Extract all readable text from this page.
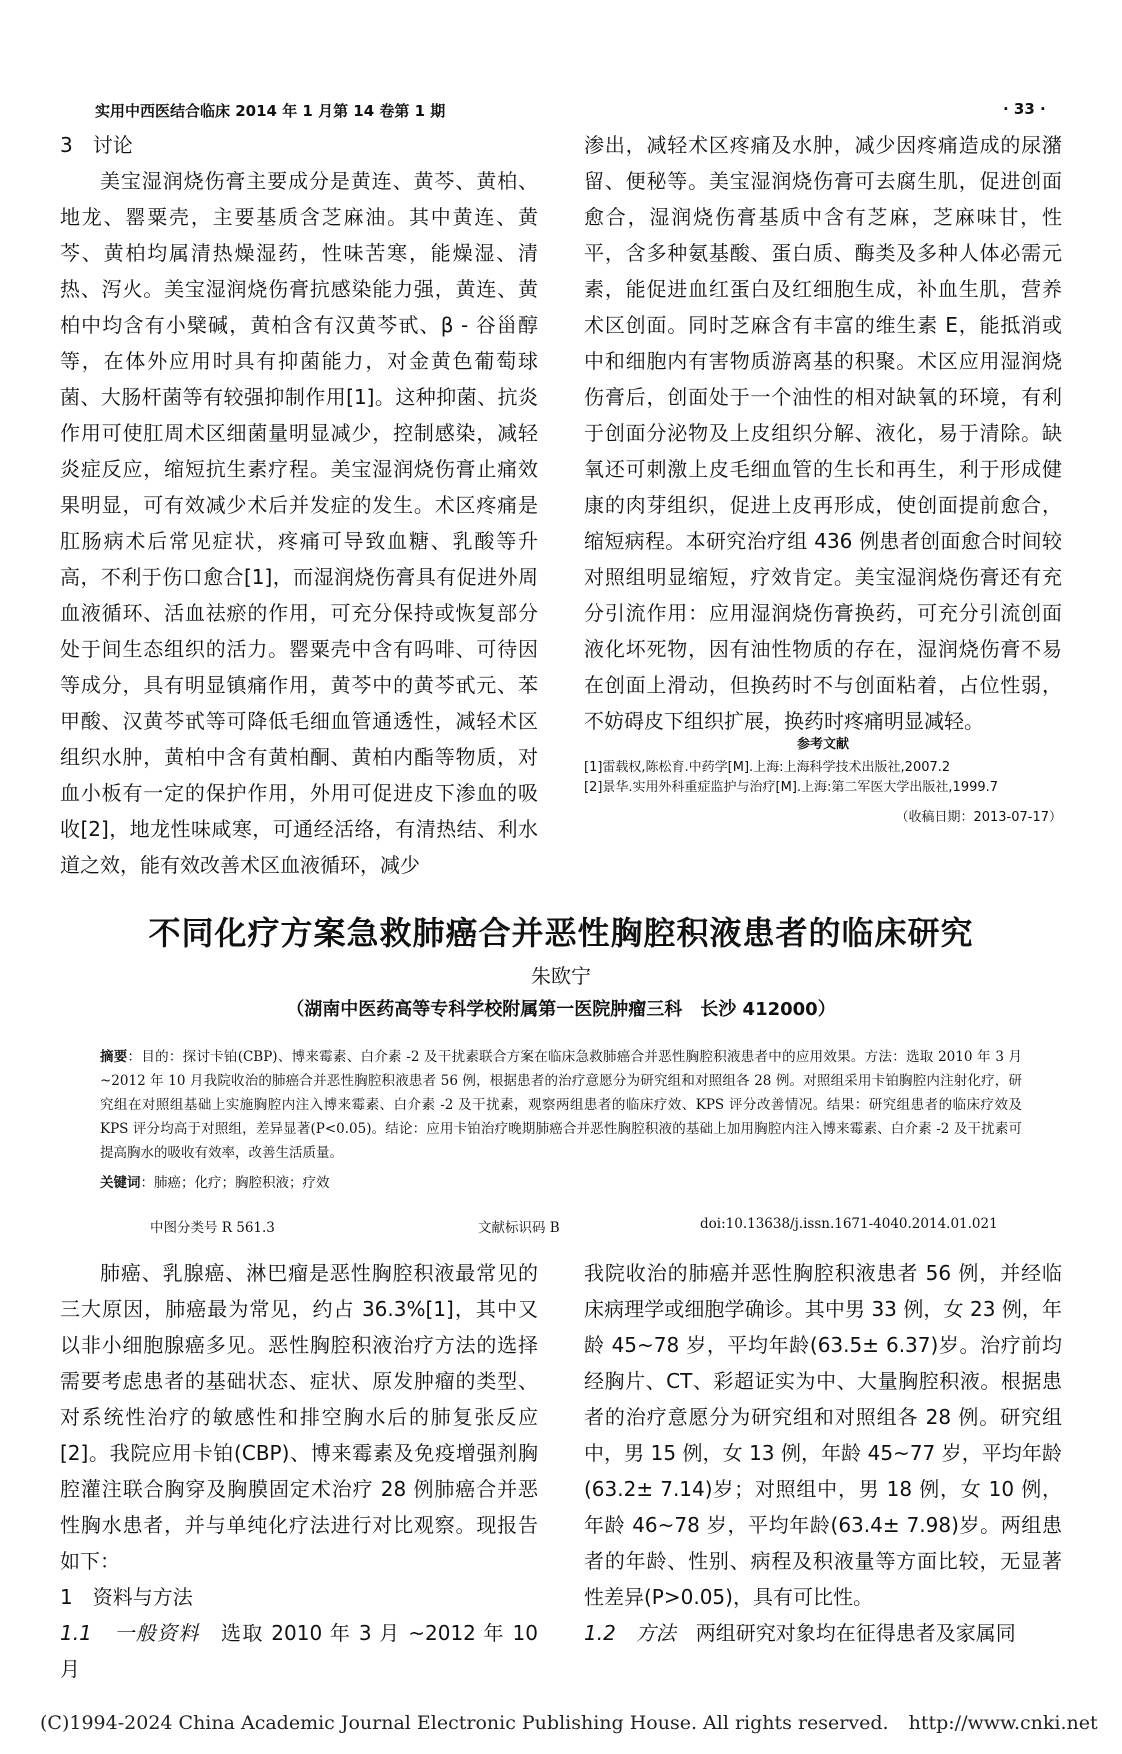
实用中西医结合临床 2014 年 1 月第 14 卷第 1 期	· 33 ·

3　讨论

美宝湿润烧伤膏主要成分是黄连、黄芩、黄柏、地龙、罂粟壳，主要基质含芝麻油。其中黄连、黄芩、黄柏均属清热燥湿药，性味苦寒，能燥湿、清热、泻火。美宝湿润烧伤膏抗感染能力强，黄连、黄柏中均含有小檗碱，黄柏含有汉黄芩甙、β - 谷甾醇等，在体外应用时具有抑菌能力，对金黄色葡萄球菌、大肠杆菌等有较强抑制作用[1]。这种抑菌、抗炎作用可使肛周术区细菌量明显减少，控制感染，减轻炎症反应，缩短抗生素疗程。美宝湿润烧伤膏止痛效果明显，可有效减少术后并发症的发生。术区疼痛是肛肠病术后常见症状，疼痛可导致血糖、乳酸等升高，不利于伤口愈合[1]，而湿润烧伤膏具有促进外周血液循环、活血祛瘀的作用，可充分保持或恢复部分处于间生态组织的活力。罂粟壳中含有吗啡、可待因等成分，具有明显镇痛作用，黄芩中的黄芩甙元、苯甲酸、汉黄芩甙等可降低毛细血管通透性，减轻术区组织水肿，黄柏中含有黄柏酮、黄柏内酯等物质，对血小板有一定的保护作用，外用可促进皮下渗血的吸收[2]，地龙性味咸寒，可通经活络，有清热结、利水道之效，能有效改善术区血液循环，减少

渗出，减轻术区疼痛及水肿，减少因疼痛造成的尿潴留、便秘等。美宝湿润烧伤膏可去腐生肌，促进创面愈合，湿润烧伤膏基质中含有芝麻，芝麻味甘，性平，含多种氨基酸、蛋白质、酶类及多种人体必需元素，能促进血红蛋白及红细胞生成，补血生肌，营养术区创面。同时芝麻含有丰富的维生素 E，能抵消或中和细胞内有害物质游离基的积聚。术区应用湿润烧伤膏后，创面处于一个油性的相对缺氧的环境，有利于创面分泌物及上皮组织分解、液化，易于清除。缺氧还可刺激上皮毛细血管的生长和再生，利于形成健康的肉芽组织，促进上皮再形成，使创面提前愈合，缩短病程。本研究治疗组 436 例患者创面愈合时间较对照组明显缩短，疗效肯定。美宝湿润烧伤膏还有充分引流作用：应用湿润烧伤膏换药，可充分引流创面液化坏死物，因有油性物质的存在，湿润烧伤膏不易在创面上滑动，但换药时不与创面粘着，占位性弱，不妨碍皮下组织扩展，换药时疼痛明显减轻。

参考文献

[1]雷载权,陈松育.中药学[M].上海:上海科学技术出版社,2007.2

[2]景华.实用外科重症监护与治疗[M].上海:第二军医大学出版社,1999.7

（收稿日期：2013-07-17）
不同化疗方案急救肺癌合并恶性胸腔积液患者的临床研究
朱欧宁
（湖南中医药高等专科学校附属第一医院肿瘤三科　长沙 412000）

摘要：目的：探讨卡铂(CBP)、博来霉素、白介素 -2 及干扰素联合方案在临床急救肺癌合并恶性胸腔积液患者中的应用效果。方法：选取 2010 年 3 月 ~2012 年 10 月我院收治的肺癌合并恶性胸腔积液患者 56 例，根据患者的治疗意愿分为研究组和对照组各 28 例。对照组采用卡铂胸腔内注射化疗，研究组在对照组基础上实施胸腔内注入博来霉素、白介素 -2 及干扰素，观察两组患者的临床疗效、KPS 评分改善情况。结果：研究组患者的临床疗效及 KPS 评分均高于对照组，差异显著(P<0.05)。结论：应用卡铂治疗晚期肺癌合并恶性胸腔积液的基础上加用胸腔内注入博来霉素、白介素 -2 及干扰素可提高胸水的吸收有效率，改善生活质量。

关键词：肺癌；化疗；胸腔积液；疗效

中图分类号 R 561.3	文献标识码 B	doi:10.13638/j.issn.1671-4040.2014.01.021

肺癌、乳腺癌、淋巴瘤是恶性胸腔积液最常见的三大原因，肺癌最为常见，约占 36.3%[1]，其中又以非小细胞腺癌多见。恶性胸腔积液治疗方法的选择需要考虑患者的基础状态、症状、原发肿瘤的类型、对系统性治疗的敏感性和排空胸水后的肺复张反应[2]。我院应用卡铂(CBP)、博来霉素及免疫增强剂胸腔灌注联合胸穿及胸膜固定术治疗 28 例肺癌合并恶性胸水患者，并与单纯化疗法进行对比观察。现报告如下：

1　资料与方法

1.1　一般资料　选取 2010 年 3 月 ~2012 年 10 月

我院收治的肺癌并恶性胸腔积液患者 56 例，并经临床病理学或细胞学确诊。其中男 33 例，女 23 例，年龄 45~78 岁，平均年龄(63.5± 6.37)岁。治疗前均经胸片、CT、彩超证实为中、大量胸腔积液。根据患者的治疗意愿分为研究组和对照组各 28 例。研究组中，男 15 例，女 13 例，年龄 45~77 岁，平均年龄(63.2± 7.14)岁；对照组中，男 18 例，女 10 例，年龄 46~78 岁，平均年龄(63.4± 7.98)岁。两组患者的年龄、性别、病程及积液量等方面比较，无显著性差异(P>0.05)，具有可比性。

1.2　方法　两组研究对象均在征得患者及家属同

(C)1994-2024 China Academic Journal Electronic Publishing House. All rights reserved. http://www.cnki.net
